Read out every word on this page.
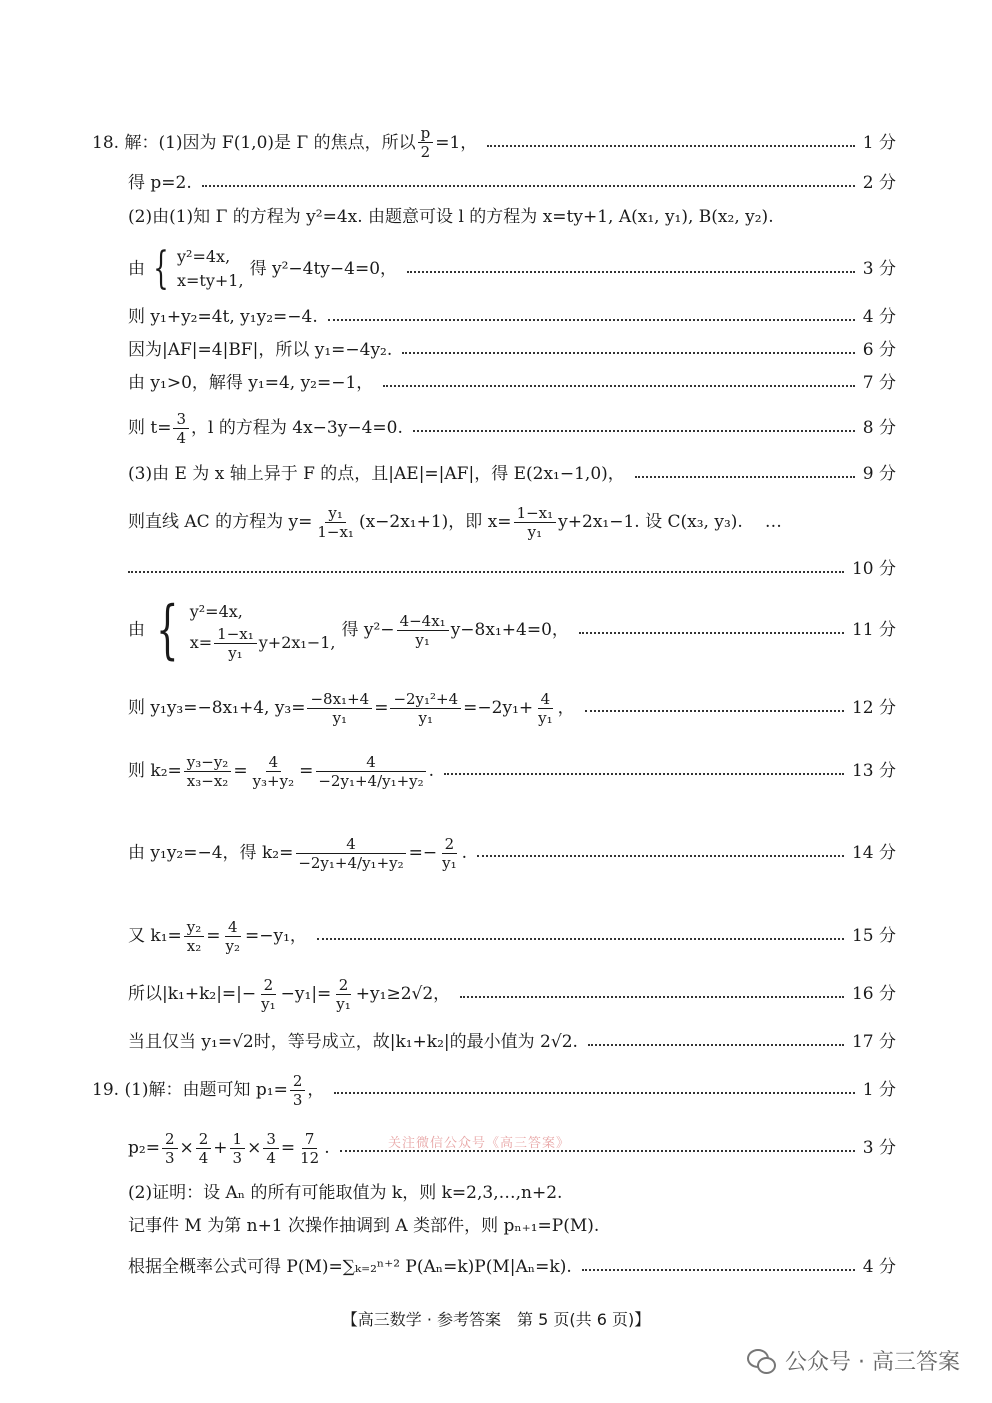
18. 解：(1)因为 F(1,0)是 Γ 的焦点，所以 $\frac{p}{2} =1$，	1 分
得 p=2.	2 分
(2)由(1)知 Γ 的方程为 y²=4x. 由题意可设 l 的方程为 x=ty+1, A(x₁, y₁), B(x₂, y₂).
由 { y²=4x,
x=ty+1,
得 y²−4ty−4=0，	3 分
则 y₁+y₂=4t, y₁y₂=−4.	4 分
因为|AF|=4|BF|，所以 y₁=−4y₂.	6 分
由 y₁>0，解得 y₁=4, y₂=−1，	7 分
则 $t= \frac{3}{4}$ ，l 的方程为 4x−3y−4=0.	8 分
(3)由 E 为 x 轴上异于 F 的点，且|AE|=|AF|，得 E(2x₁−1,0)，	9 分
则直线 AC 的方程为 $y= \frac{\text{y₁}}{\text{1−x₁}} (x-2x_1+1)$，即 $x= \frac{\text{1−x₁}}{\text{y₁}} y+2x_1-1$. 设 C(x₃, y₃). …
10 分
由 { y²=4x,
$x= \frac{\text{1−x₁}}{\text{y₁}} y+2x_1-1$,
得 $y^2- \frac{\text{4−4x₁}}{\text{y₁}} y-8x_1+4=0$，	11 分
则 y₁y₃=−8x₁+4, $y_3= \frac{\text{−8x₁+4}}{\text{y₁}} = \frac{\text{−2y₁²+4}}{\text{y₁}} =-2y_1+ \frac{4}{\text{y₁}}$ ，	12 分
则 $k_2= \frac{\text{y₃−y₂}}{\text{x₃−x₂}} = \frac{4}{\text{y₃+y₂}} = \frac{4}{\text{−2y₁+4/y₁+y₂}}$ .	13 分
由 y₁y₂=−4，得 $k_2= \frac{4}{\text{−2y₁+4/y₁+y₂}} =- \frac{2}{\text{y₁}}$ .	14 分
又 $k_1= \frac{\text{y₂}}{\text{x₂}} = \frac{4}{\text{y₂}} =-y_1$，	15 分
所以$|k_1+k_2|=|- \frac{2}{\text{y₁}} -y_1|= \frac{2}{\text{y₁}} +y_1\ge 2√2$，	16 分
当且仅当 y₁=√2时，等号成立，故|k₁+k₂|的最小值为 2√2.	17 分
19. (1)解：由题可知 $p_1= \frac{2}{3}$ ，	1 分
$p_2= \frac{2}{3} \times \frac{2}{4} + \frac{1}{3} \times \frac{3}{4} = \frac{7}{12}$ .	3 分
关注微信公众号《高三答案》
(2)证明：设 Aₙ 的所有可能取值为 k，则 k=2,3,…,n+2.
记事件 M 为第 n+1 次操作抽调到 A 类部件，则 pₙ₊₁=P(M).
根据全概率公式可得 P(M)=∑ₖ₌₂ⁿ⁺² P(Aₙ=k)P(M|Aₙ=k).	4 分
【高三数学 · 参考答案　第 5 页(共 6 页)】
公众号 · 高三答案
